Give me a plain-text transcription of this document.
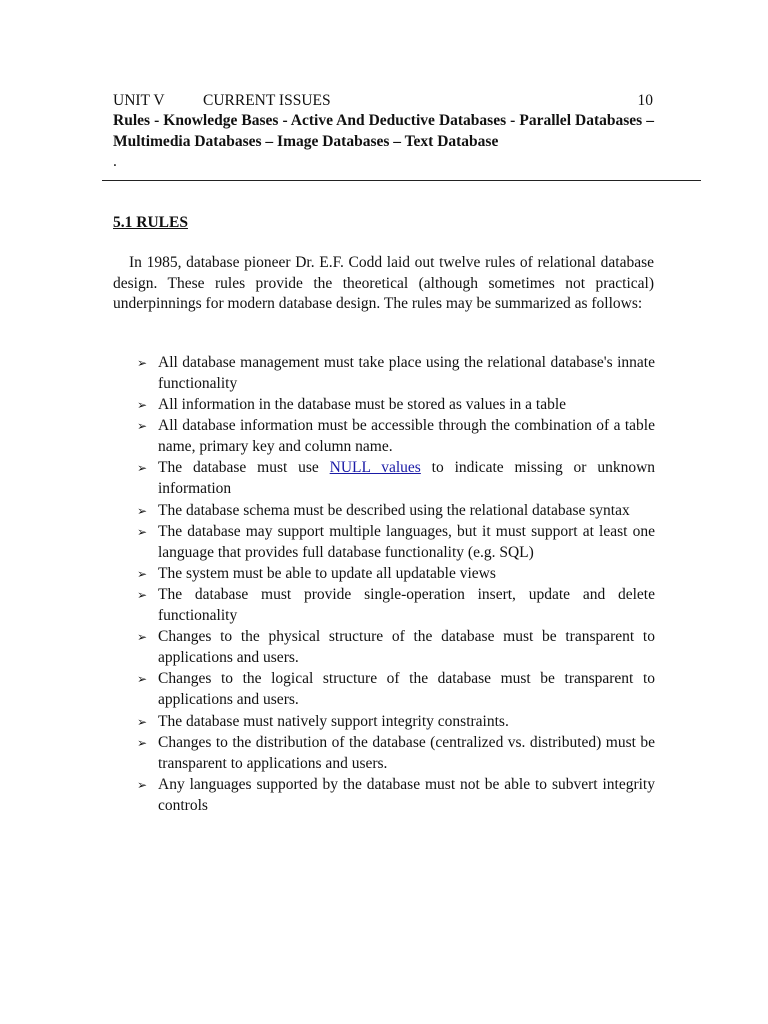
UNIT V CURRENT ISSUES	10
Rules - Knowledge Bases - Active And Deductive Databases - Parallel Databases – Multimedia Databases – Image Databases – Text Database
.
5.1 RULES
In 1985, database pioneer Dr. E.F. Codd laid out twelve rules of relational database design. These rules provide the theoretical (although sometimes not practical) underpinnings for modern database design. The rules may be summarized as follows:
➢ All database management must take place using the relational database's innate functionality
➢ All information in the database must be stored as values in a table
➢ All database information must be accessible through the combination of a table name, primary key and column name.
➢ The database must use NULL values to indicate missing or unknown information
➢ The database schema must be described using the relational database syntax
➢ The database may support multiple languages, but it must support at least one language that provides full database functionality (e.g. SQL)
➢ The system must be able to update all updatable views
➢ The database must provide single-operation insert, update and delete functionality
➢ Changes to the physical structure of the database must be transparent to applications and users.
➢ Changes to the logical structure of the database must be transparent to applications and users.
➢ The database must natively support integrity constraints.
➢ Changes to the distribution of the database (centralized vs. distributed) must be transparent to applications and users.
➢ Any languages supported by the database must not be able to subvert integrity controls
